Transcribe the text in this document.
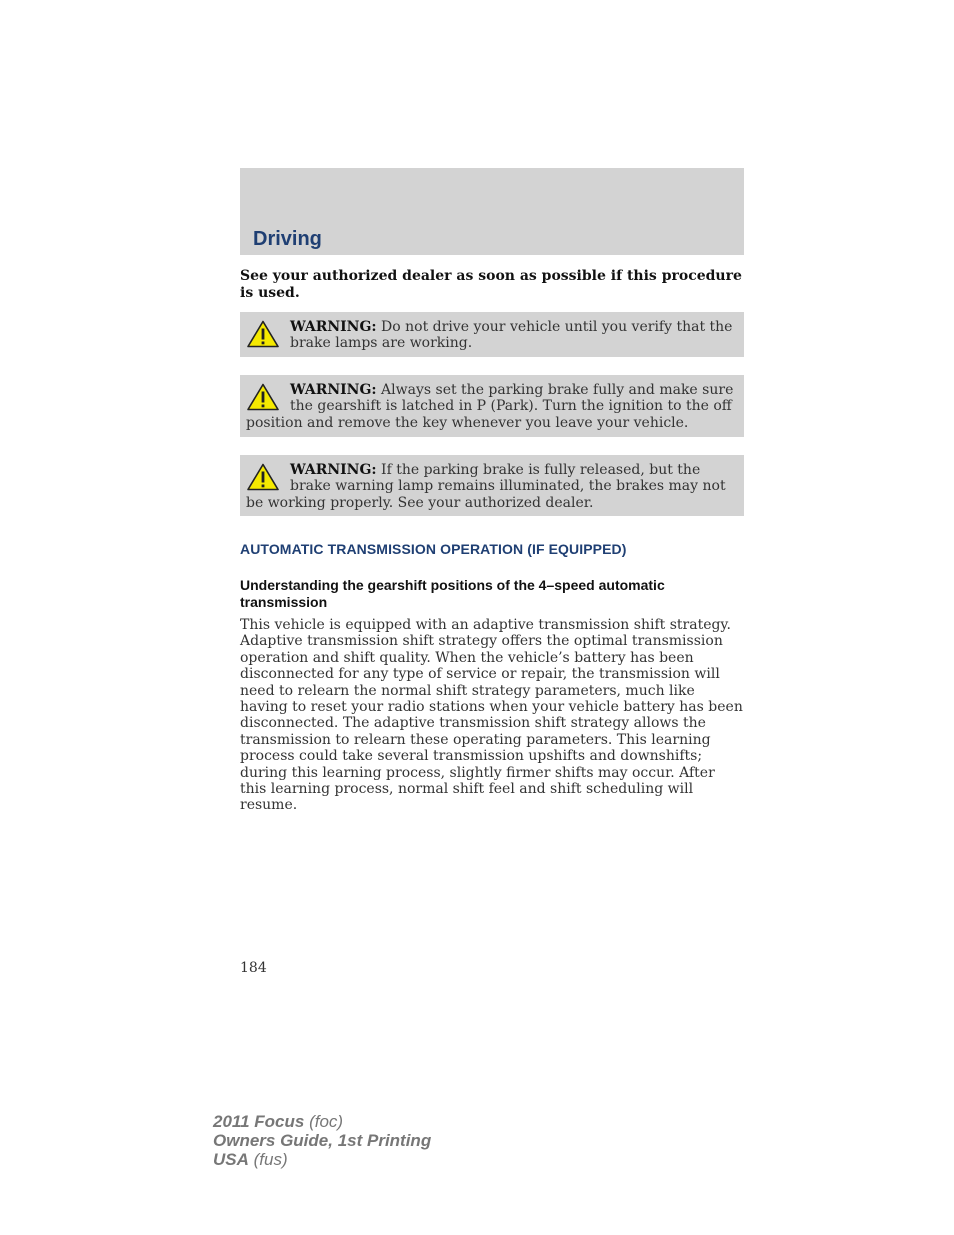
Driving
See your authorized dealer as soon as possible if this procedure is used.
WARNING: Do not drive your vehicle until you verify that the brake lamps are working.
WARNING: Always set the parking brake fully and make sure the gearshift is latched in P (Park). Turn the ignition to the off position and remove the key whenever you leave your vehicle.
WARNING: If the parking brake is fully released, but the brake warning lamp remains illuminated, the brakes may not be working properly. See your authorized dealer.
AUTOMATIC TRANSMISSION OPERATION (IF EQUIPPED)
Understanding the gearshift positions of the 4–speed automatic transmission
This vehicle is equipped with an adaptive transmission shift strategy. Adaptive transmission shift strategy offers the optimal transmission operation and shift quality. When the vehicle’s battery has been disconnected for any type of service or repair, the transmission will need to relearn the normal shift strategy parameters, much like having to reset your radio stations when your vehicle battery has been disconnected. The adaptive transmission shift strategy allows the transmission to relearn these operating parameters. This learning process could take several transmission upshifts and downshifts; during this learning process, slightly firmer shifts may occur. After this learning process, normal shift feel and shift scheduling will resume.
184
2011 Focus (foc)
Owners Guide, 1st Printing
USA (fus)
